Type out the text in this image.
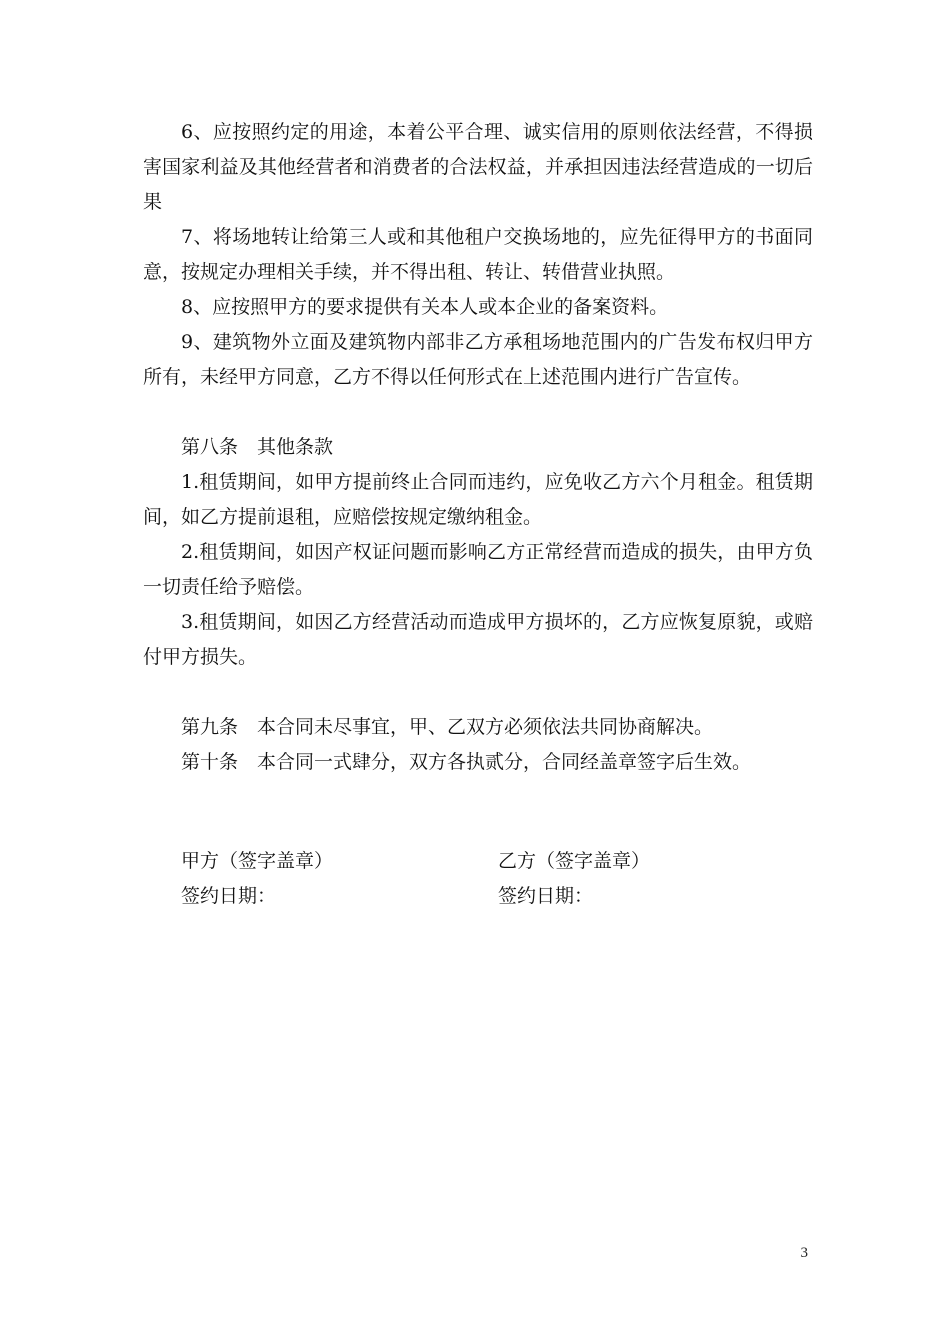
6、应按照约定的用途，本着公平合理、诚实信用的原则依法经营，不得损害国家利益及其他经营者和消费者的合法权益，并承担因违法经营造成的一切后果

7、将场地转让给第三人或和其他租户交换场地的，应先征得甲方的书面同意，按规定办理相关手续，并不得出租、转让、转借营业执照。

8、应按照甲方的要求提供有关本人或本企业的备案资料。

9、建筑物外立面及建筑物内部非乙方承租场地范围内的广告发布权归甲方所有，未经甲方同意，乙方不得以任何形式在上述范围内进行广告宣传。

第八条　其他条款

1.租赁期间，如甲方提前终止合同而违约，应免收乙方六个月租金。租赁期间，如乙方提前退租，应赔偿按规定缴纳租金。

2.租赁期间，如因产权证问题而影响乙方正常经营而造成的损失，由甲方负一切责任给予赔偿。

3.租赁期间，如因乙方经营活动而造成甲方损坏的，乙方应恢复原貌，或赔付甲方损失。

第九条　本合同未尽事宜，甲、乙双方必须依法共同协商解决。

第十条　本合同一式肆分，双方各执贰分，合同经盖章签字后生效。

甲方（签字盖章）	乙方（签字盖章）
签约日期：	签约日期：
3
